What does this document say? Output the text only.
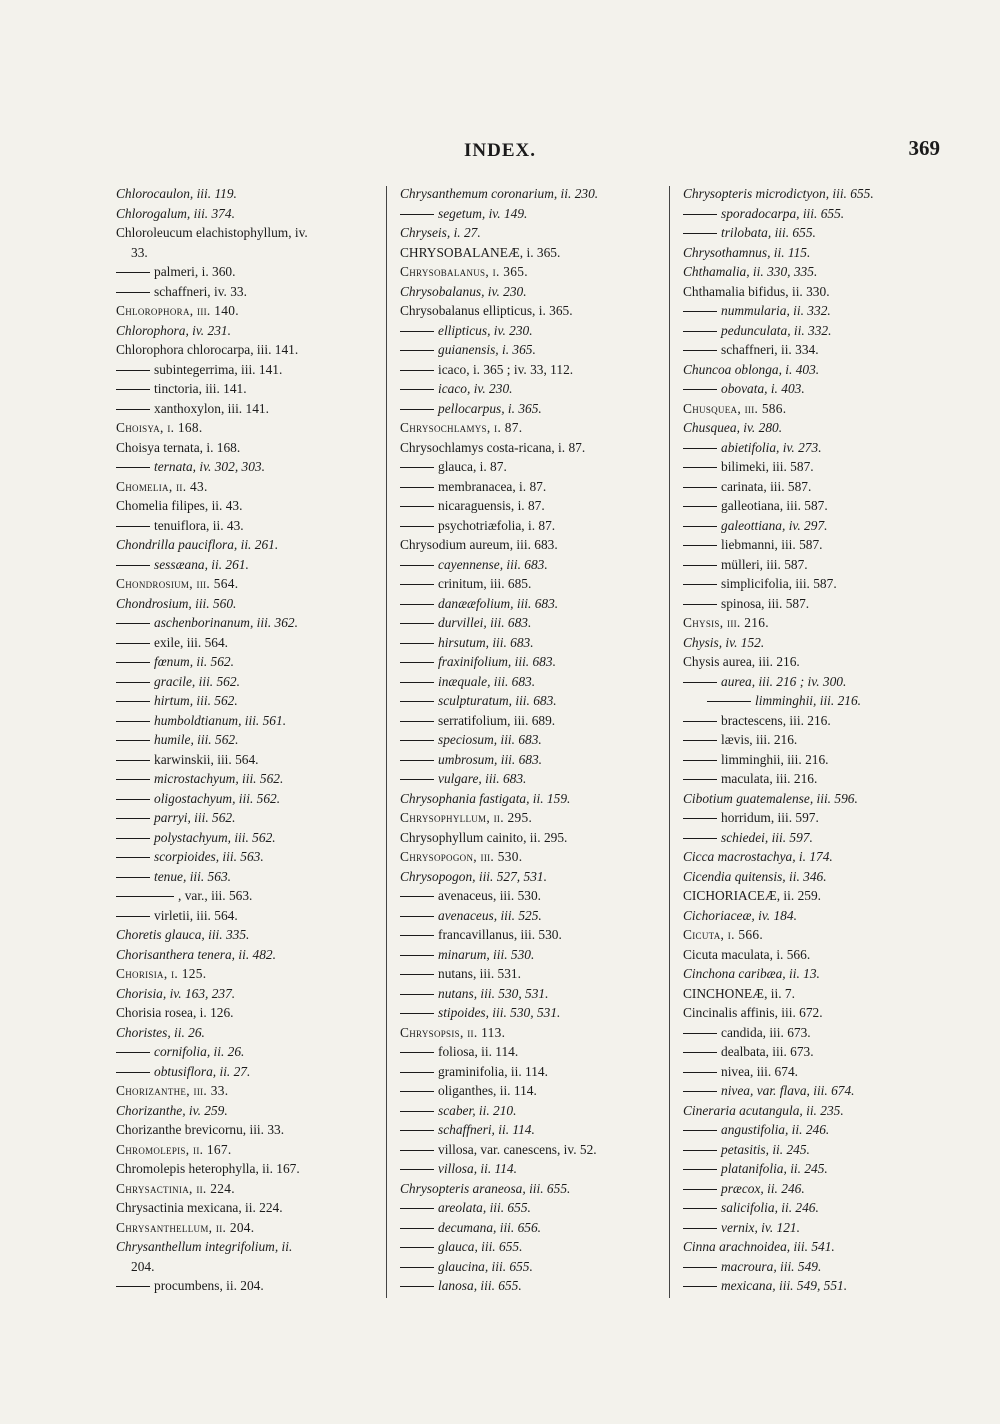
INDEX.	369
Chlorocaulon, iii. 119.
Chlorogalum, iii. 374.
Chloroleucum elachistophyllum, iv.
33.
palmeri, i. 360.
schaffneri, iv. 33.
Chlorophora, iii. 140.
Chlorophora, iv. 231.
Chlorophora chlorocarpa, iii. 141.
subintegerrima, iii. 141.
tinctoria, iii. 141.
xanthoxylon, iii. 141.
Choisya, i. 168.
Choisya ternata, i. 168.
ternata, iv. 302, 303.
Chomelia, ii. 43.
Chomelia filipes, ii. 43.
tenuiflora, ii. 43.
Chondrilla pauciflora, ii. 261.
sessæana, ii. 261.
Chondrosium, iii. 564.
Chondrosium, iii. 560.
aschenborinanum, iii. 362.
exile, iii. 564.
fœnum, ii. 562.
gracile, iii. 562.
hirtum, iii. 562.
humboldtianum, iii. 561.
humile, iii. 562.
karwinskii, iii. 564.
microstachyum, iii. 562.
oligostachyum, iii. 562.
parryi, iii. 562.
polystachyum, iii. 562.
scorpioides, iii. 563.
tenue, iii. 563.
, var., iii. 563.
virletii, iii. 564.
Choretis glauca, iii. 335.
Chorisanthera tenera, ii. 482.
Chorisia, i. 125.
Chorisia, iv. 163, 237.
Chorisia rosea, i. 126.
Choristes, ii. 26.
cornifolia, ii. 26.
obtusiflora, ii. 27.
Chorizanthe, iii. 33.
Chorizanthe, iv. 259.
Chorizanthe brevicornu, iii. 33.
Chromolepis, ii. 167.
Chromolepis heterophylla, ii. 167.
Chrysactinia, ii. 224.
Chrysactinia mexicana, ii. 224.
Chrysanthellum, ii. 204.
Chrysanthellum integrifolium, ii.
204.
procumbens, ii. 204.
Chrysanthemum coronarium, ii. 230.
segetum, iv. 149.
Chryseis, i. 27.
CHRYSOBALANEÆ, i. 365.
Chrysobalanus, i. 365.
Chrysobalanus, iv. 230.
Chrysobalanus ellipticus, i. 365.
ellipticus, iv. 230.
guianensis, i. 365.
icaco, i. 365 ; iv. 33, 112.
icaco, iv. 230.
pellocarpus, i. 365.
Chrysochlamys, i. 87.
Chrysochlamys costa-ricana, i. 87.
glauca, i. 87.
membranacea, i. 87.
nicaraguensis, i. 87.
psychotriæfolia, i. 87.
Chrysodium aureum, iii. 683.
cayennense, iii. 683.
crinitum, iii. 685.
danææfolium, iii. 683.
durvillei, iii. 683.
hirsutum, iii. 683.
fraxinifolium, iii. 683.
inæquale, iii. 683.
sculpturatum, iii. 683.
serratifolium, iii. 689.
speciosum, iii. 683.
umbrosum, iii. 683.
vulgare, iii. 683.
Chrysophania fastigata, ii. 159.
Chrysophyllum, ii. 295.
Chrysophyllum cainito, ii. 295.
Chrysopogon, iii. 530.
Chrysopogon, iii. 527, 531.
avenaceus, iii. 530.
avenaceus, iii. 525.
francavillanus, iii. 530.
minarum, iii. 530.
nutans, iii. 531.
nutans, iii. 530, 531.
stipoides, iii. 530, 531.
Chrysopsis, ii. 113.
foliosa, ii. 114.
graminifolia, ii. 114.
oliganthes, ii. 114.
scaber, ii. 210.
schaffneri, ii. 114.
villosa, var. canescens, iv. 52.
villosa, ii. 114.
Chrysopteris araneosa, iii. 655.
areolata, iii. 655.
decumana, iii. 656.
glauca, iii. 655.
glaucina, iii. 655.
lanosa, iii. 655.
Chrysopteris microdictyon, iii. 655.
sporadocarpa, iii. 655.
trilobata, iii. 655.
Chrysothamnus, ii. 115.
Chthamalia, ii. 330, 335.
Chthamalia bifidus, ii. 330.
nummularia, ii. 332.
pedunculata, ii. 332.
schaffneri, ii. 334.
Chuncoa oblonga, i. 403.
obovata, i. 403.
Chusquea, iii. 586.
Chusquea, iv. 280.
abietifolia, iv. 273.
bilimeki, iii. 587.
carinata, iii. 587.
galleotiana, iii. 587.
galeottiana, iv. 297.
liebmanni, iii. 587.
mülleri, iii. 587.
simplicifolia, iii. 587.
spinosa, iii. 587.
Chysis, iii. 216.
Chysis, iv. 152.
Chysis aurea, iii. 216.
aurea, iii. 216 ; iv. 300.
limminghii, iii. 216.
bractescens, iii. 216.
lævis, iii. 216.
limminghii, iii. 216.
maculata, iii. 216.
Cibotium guatemalense, iii. 596.
horridum, iii. 597.
schiedei, iii. 597.
Cicca macrostachya, i. 174.
Cicendia quitensis, ii. 346.
CICHORIACEÆ, ii. 259.
Cichoriaceæ, iv. 184.
Cicuta, i. 566.
Cicuta maculata, i. 566.
Cinchona caribæa, ii. 13.
CINCHONEÆ, ii. 7.
Cincinalis affinis, iii. 672.
candida, iii. 673.
dealbata, iii. 673.
nivea, iii. 674.
nivea, var. flava, iii. 674.
Cineraria acutangula, ii. 235.
angustifolia, ii. 246.
petasitis, ii. 245.
platanifolia, ii. 245.
præcox, ii. 246.
salicifolia, ii. 246.
vernix, iv. 121.
Cinna arachnoidea, iii. 541.
macroura, iii. 549.
mexicana, iii. 549, 551.
